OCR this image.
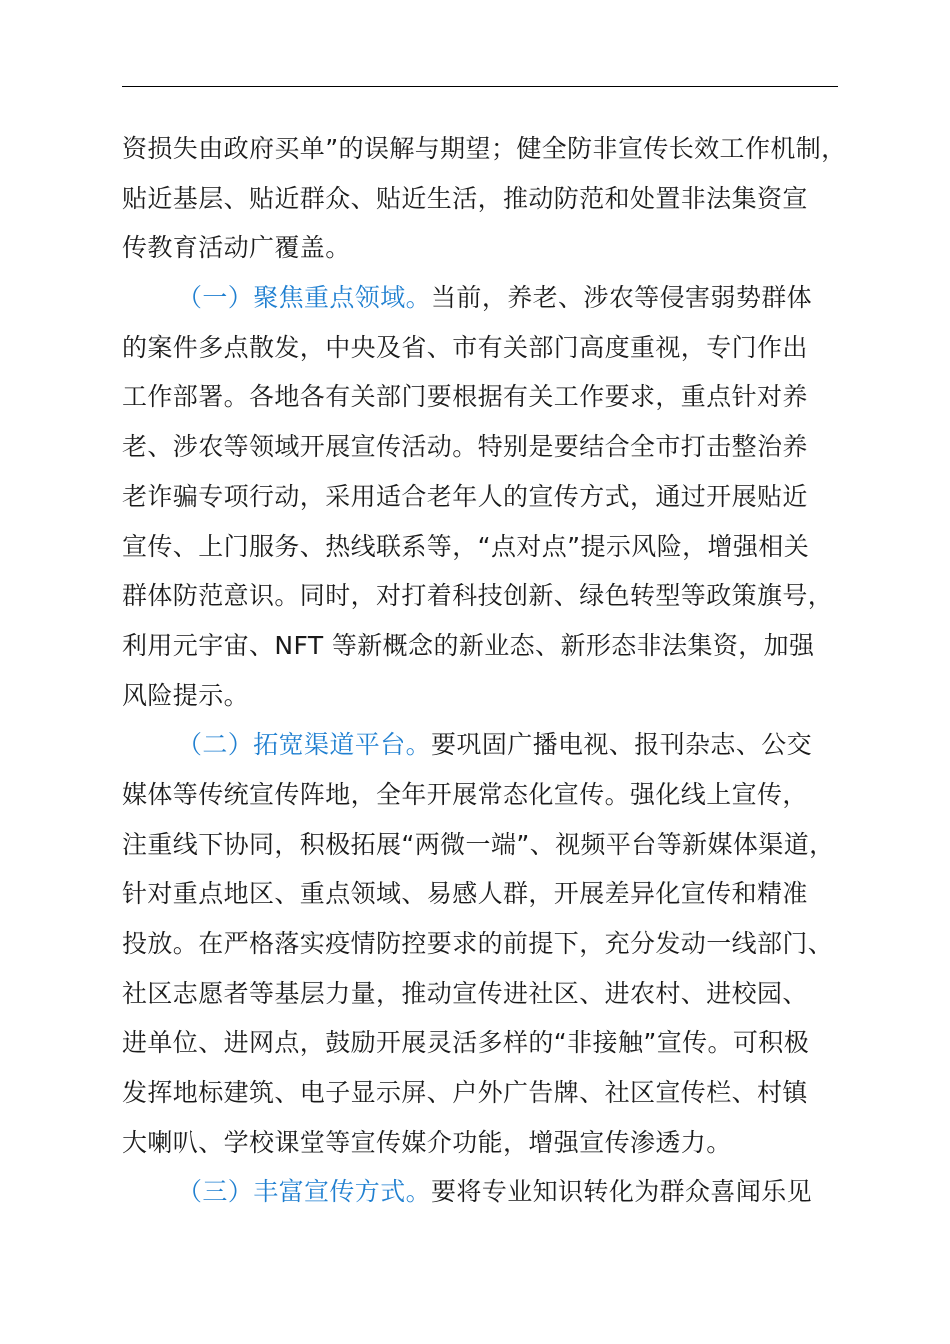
资损失由政府买单”的误解与期望；健全防非宣传长效工作机制，
贴近基层、贴近群众、贴近生活，推动防范和处置非法集资宣
传教育活动广覆盖。
（一）聚焦重点领域。当前，养老、涉农等侵害弱势群体
的案件多点散发，中央及省、市有关部门高度重视，专门作出
工作部署。各地各有关部门要根据有关工作要求，重点针对养
老、涉农等领域开展宣传活动。特别是要结合全市打击整治养
老诈骗专项行动，采用适合老年人的宣传方式，通过开展贴近
宣传、上门服务、热线联系等，“点对点”提示风险，增强相关
群体防范意识。同时，对打着科技创新、绿色转型等政策旗号，
利用元宇宙、NFT 等新概念的新业态、新形态非法集资，加强
风险提示。
（二）拓宽渠道平台。要巩固广播电视、报刊杂志、公交
媒体等传统宣传阵地，全年开展常态化宣传。强化线上宣传，
注重线下协同，积极拓展“两微一端”、视频平台等新媒体渠道，
针对重点地区、重点领域、易感人群，开展差异化宣传和精准
投放。在严格落实疫情防控要求的前提下，充分发动一线部门、
社区志愿者等基层力量，推动宣传进社区、进农村、进校园、
进单位、进网点，鼓励开展灵活多样的“非接触”宣传。可积极
发挥地标建筑、电子显示屏、户外广告牌、社区宣传栏、村镇
大喇叭、学校课堂等宣传媒介功能，增强宣传渗透力。
（三）丰富宣传方式。要将专业知识转化为群众喜闻乐见
